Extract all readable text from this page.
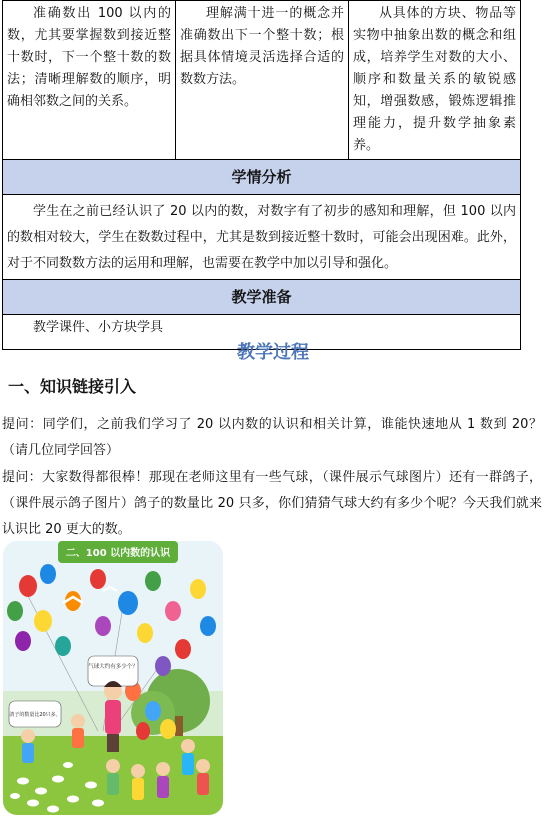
准确数出 100 以内的数，尤其要掌握数到接近整十数时，下一个整十数的数法；清晰理解数的顺序，明确相邻数之间的关系。	理解满十进一的概念并准确数出下一个整十数；根据具体情境灵活选择合适的数数方法。	从具体的方块、物品等实物中抽象出数的概念和组成，培养学生对数的大小、顺序和数量关系的敏锐感知，增强数感，锻炼逻辑推理能力，提升数学抽象素养。
学情分析
学生在之前已经认识了 20 以内的数，对数字有了初步的感知和理解，但 100 以内的数相对较大，学生在数数过程中，尤其是数到接近整十数时，可能会出现困难。此外，对于不同数数方法的运用和理解，也需要在教学中加以引导和强化。
教学准备
教学课件、小方块学具
教学过程
一、知识链接引入
提问：同学们，之前我们学习了 20 以内数的认识和相关计算，谁能快速地从 1 数到 20？（请几位同学回答）
提问：大家数得都很棒！那现在老师这里有一些气球，（课件展示气球图片）还有一群鸽子，（课件展示鸽子图片）鸽子的数量比 20 只多，你们猜猜气球大约有多少个呢？今天我们就来认识比 20 更大的数。
二、100 以内数的认识
气球大约有多少个？
鸽子的数量比20只多。
